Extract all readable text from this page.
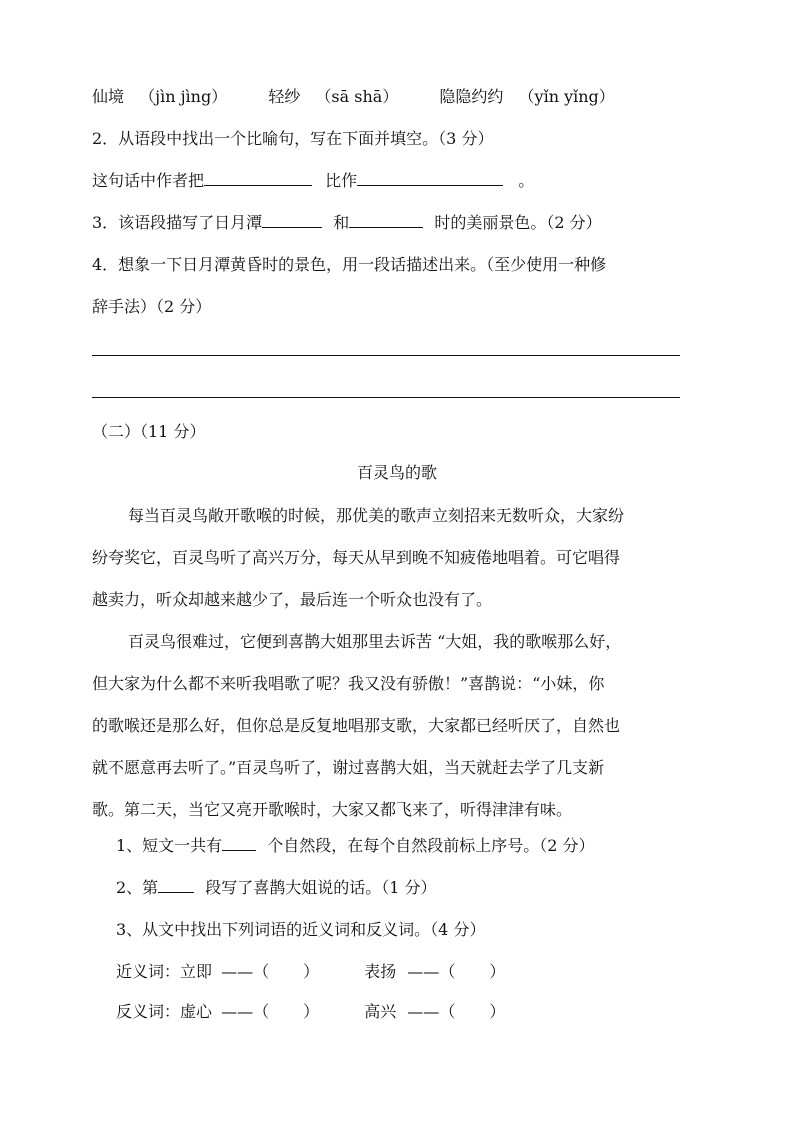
仙境 （jìn jìng）	轻纱 （sā shā）	隐隐约约 （yǐn yǐng）
2．从语段中找出一个比喻句，写在下面并填空。（3 分）
这句话中作者把	比作	。
3．该语段描写了日月潭	和	时的美丽景色。（2 分）
4．想象一下日月潭黄昏时的景色，用一段话描述出来。（至少使用一种修
辞手法）（2 分）
（二）（11 分）
百灵鸟的歌
每当百灵鸟敞开歌喉的时候，那优美的歌声立刻招来无数听众，大家纷
纷夸奖它，百灵鸟听了高兴万分，每天从早到晚不知疲倦地唱着。可它唱得
越卖力，听众却越来越少了，最后连一个听众也没有了。
百灵鸟很难过，它便到喜鹊大姐那里去诉苦 “大姐，我的歌喉那么好，
但大家为什么都不来听我唱歌了呢？我又没有骄傲！”喜鹊说：“小妹，你
的歌喉还是那么好，但你总是反复地唱那支歌，大家都已经听厌了，自然也
就不愿意再去听了。”百灵鸟听了，谢过喜鹊大姐，当天就赶去学了几支新
歌。第二天，当它又亮开歌喉时，大家又都飞来了，听得津津有味。
1、短文一共有	个自然段，在每个自然段前标上序号。（2 分）
2、第	段写了喜鹊大姐说的话。（1 分）
3、从文中找出下列词语的近义词和反义词。（4 分）
近义词：立即 ——（ ）	表扬 ——（ ）
反义词：虚心 ——（ ）	高兴 ——（ ）
